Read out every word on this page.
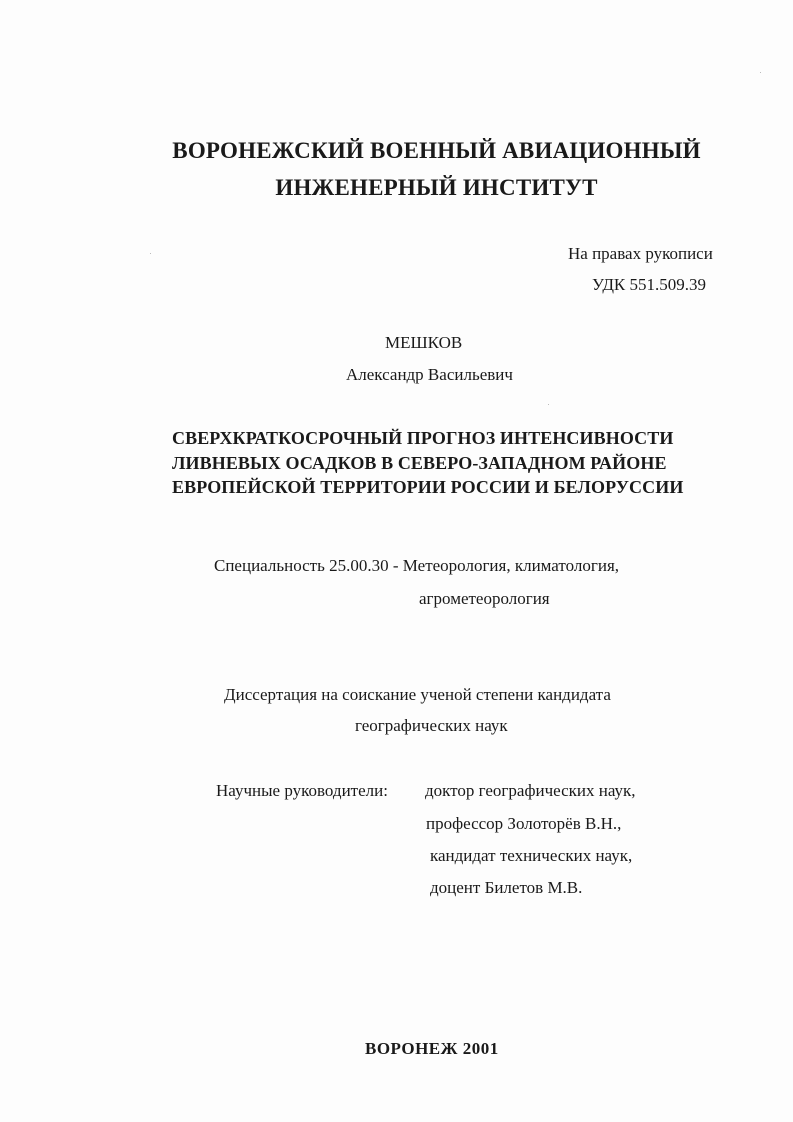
ВОРОНЕЖСКИЙ ВОЕННЫЙ АВИАЦИОННЫЙ
ИНЖЕНЕРНЫЙ ИНСТИТУТ
На правах рукописи
УДК 551.509.39
МЕШКОВ
Александр Васильевич
СВЕРХКРАТКОСРОЧНЫЙ ПРОГНОЗ ИНТЕНСИВНОСТИ
ЛИВНЕВЫХ ОСАДКОВ В СЕВЕРО-ЗАПАДНОМ РАЙОНЕ
ЕВРОПЕЙСКОЙ ТЕРРИТОРИИ РОССИИ И БЕЛОРУССИИ
Специальность 25.00.30 - Метеорология, климатология,
агрометеорология
Диссертация на соискание ученой степени кандидата
географических наук
Научные руководители: доктор географических наук,
профессор Золоторёв В.Н.,
кандидат технических наук,
доцент Билетов М.В.
ВОРОНЕЖ 2001
